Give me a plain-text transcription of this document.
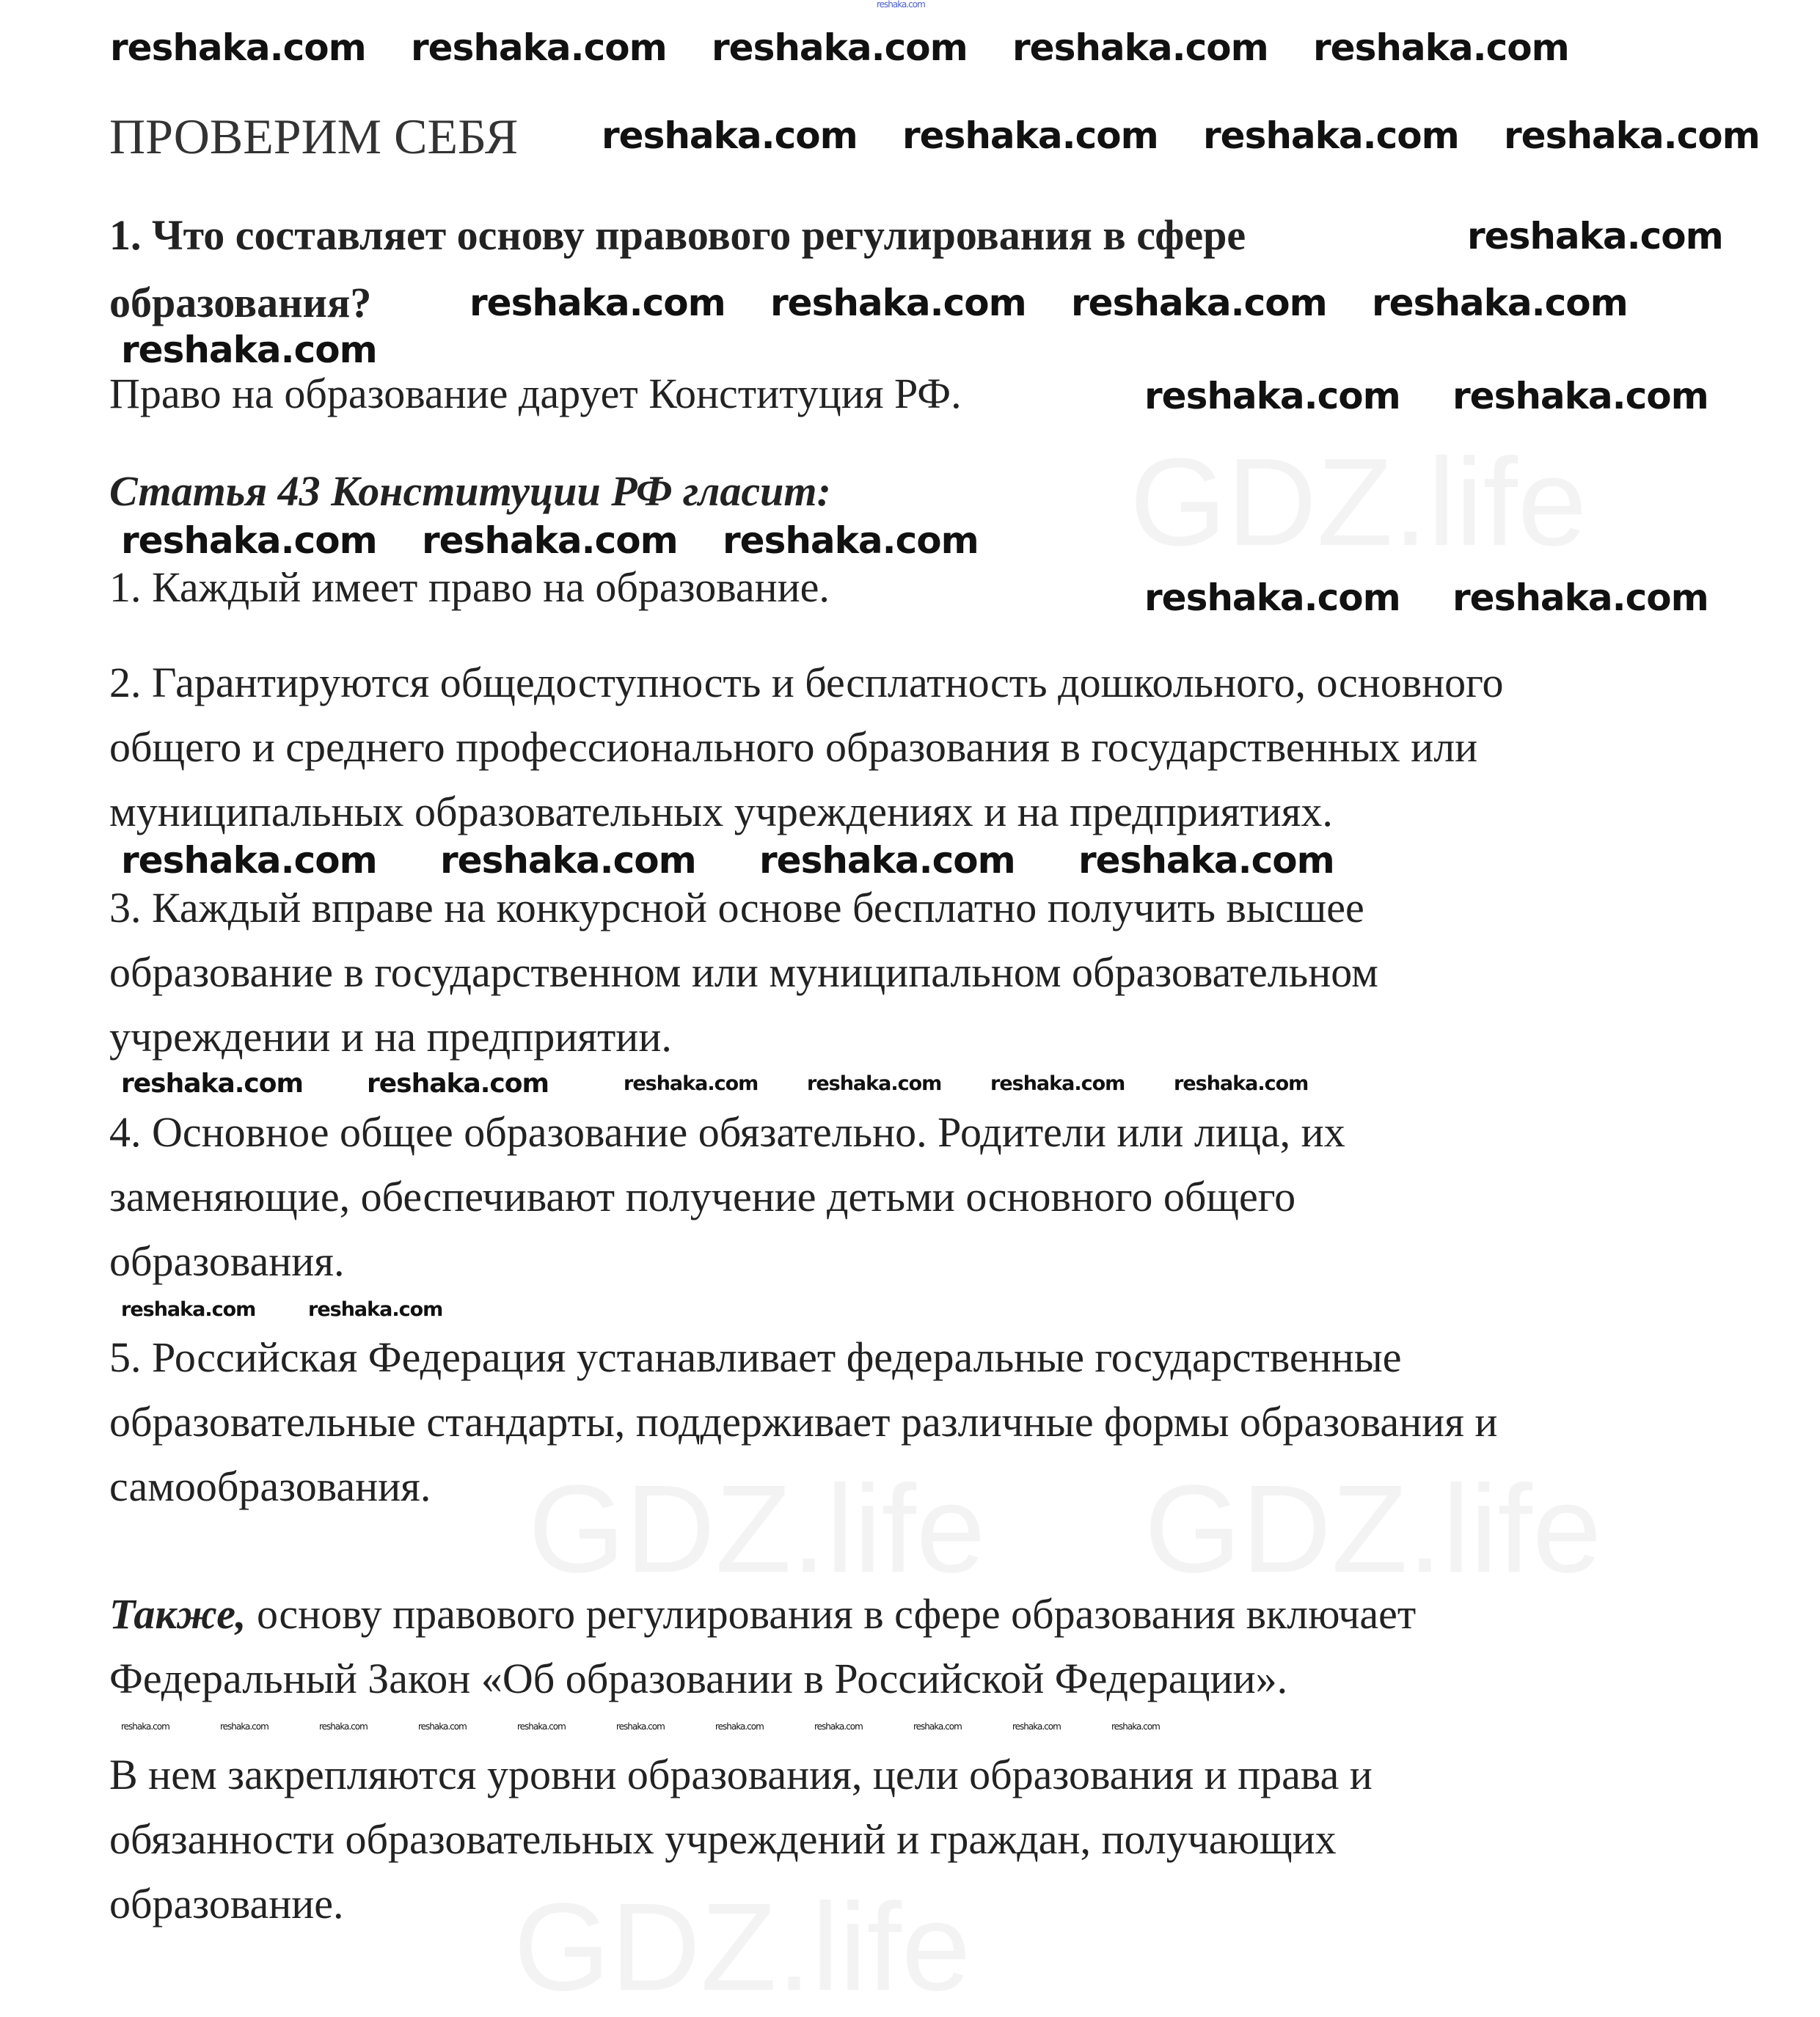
GDZ.life
GDZ.life GDZ.life
GDZ.life
ПРОВЕРИМ СЕБЯ
1. Что составляет основу правового регулирования в сфере
образования?
Право на образование дарует Конституция РФ.
Статья 43 Конституции РФ гласит:
1. Каждый имеет право на образование.
2. Гарантируются общедоступность и бесплатность дошкольного, основного
общего и среднего профессионального образования в государственных или
муниципальных образовательных учреждениях и на предприятиях.
3. Каждый вправе на конкурсной основе бесплатно получить высшее
образование в государственном или муниципальном образовательном
учреждении и на предприятии.
4. Основное общее образование обязательно. Родители или лица, их
заменяющие, обеспечивают получение детьми основного общего
образования.
5. Российская Федерация устанавливает федеральные государственные
образовательные стандарты, поддерживает различные формы образования и
самообразования.
Также, основу правового регулирования в сфере образования включает
Федеральный Закон «Об образовании в Российской Федерации».
В нем закрепляются уровни образования, цели образования и права и
обязанности образовательных учреждений и граждан, получающих
образование.
reshaka.com reshaka.com reshaka.com reshaka.com reshaka.com
reshaka.com reshaka.com reshaka.com reshaka.com
reshaka.com
reshaka.com reshaka.com reshaka.com reshaka.com
reshaka.com
reshaka.com reshaka.com
reshaka.com reshaka.com reshaka.com
reshaka.com reshaka.com
reshaka.com reshaka.com reshaka.com reshaka.com
reshaka.com reshaka.com	reshaka.com reshaka.com reshaka.com reshaka.com
reshaka.com	reshaka.com
reshaka.com	reshaka.com	reshaka.com	reshaka.com	reshaka.com	reshaka.com	reshaka.com	reshaka.com	reshaka.com	reshaka.com	reshaka.com
reshaka.com
